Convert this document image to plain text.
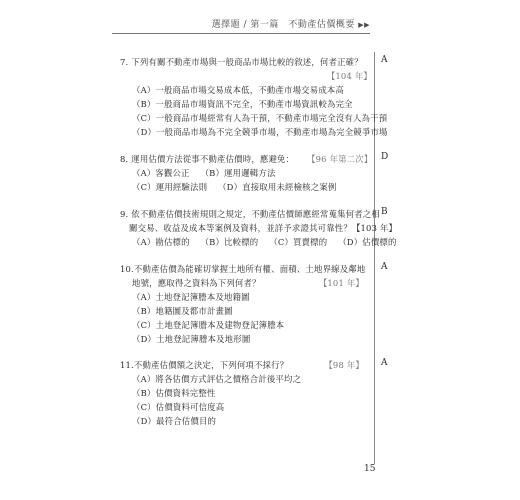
選擇題 / 第一篇　不動產估價概要 ▶▶
7. 下列有關不動產市場與一般商品市場比較的敘述，何者正確？
【104 年】
（A）一般商品市場交易成本低，不動產市場交易成本高
（B）一般商品市場資訊不完全，不動產市場資訊較為完全
（C）一般商品市場經常有人為干預，不動產市場完全沒有人為干預
（D）一般商品市場為不完全競爭市場，不動產市場為完全競爭市場
A
8. 運用估價方法從事不動產估價時，應避免： 【96 年第二次】
（A）客觀公正 （B）運用邏輯方法
（C）運用經驗法則 （D）直接取用未經檢核之案例
D
9. 依不動產估價技術規則之規定，不動產估價師應經常蒐集何者之相
關交易、收益及成本等案例及資料，並詳予求證其可靠性？【103 年】
（A）勘估標的 （B）比較標的 （C）買賣標的 （D）估價標的
B
10.不動產估價為能確切掌握土地所有權、面積、土地界線及鄰地
地號，應取得之資料為下列何者？	【101 年】
（A）土地登記簿謄本及地籍圖
（B）地籍圖及都市計畫圖
（C）土地登記簿謄本及建物登記簿謄本
（D）土地登記簿謄本及地形圖
A
11.不動產估價額之決定，下列何項不採行？	【98 年】
（A）將各估價方式評估之價格合計後平均之
（B）估價資料完整性
（C）估價資料可信度高
（D）最符合估價目的
A
15
